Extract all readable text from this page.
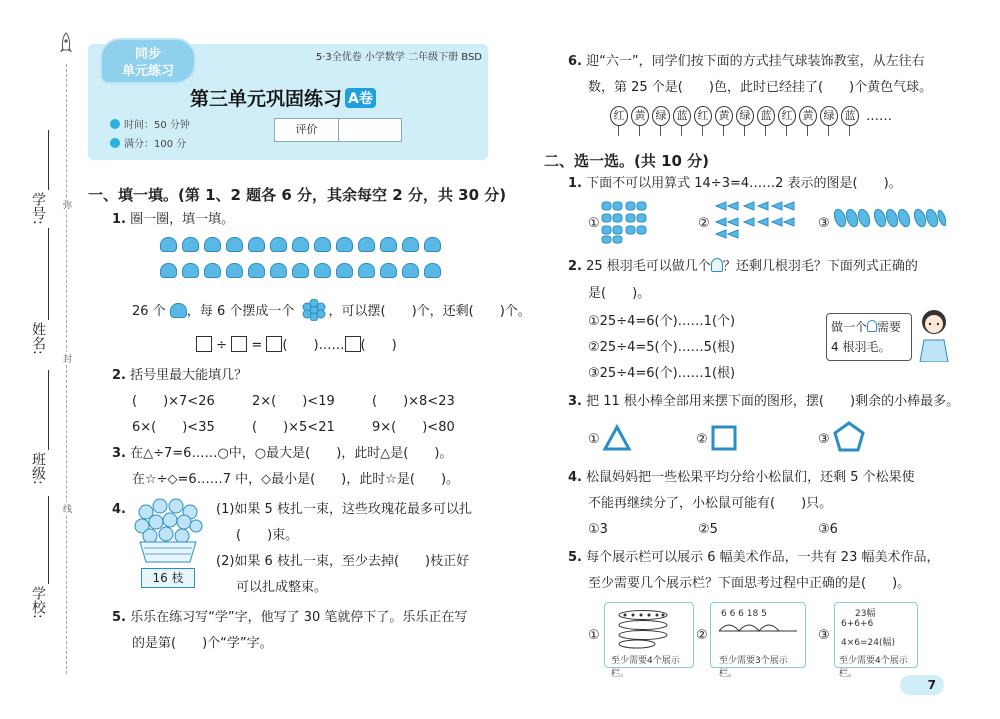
弥
封
线
学号:
姓名:
班级:
学校:
5·3全优卷 小学数学 二年级下册 BSD
同步
单元练习
第三单元巩固练习 A卷
时间：50 分钟
满分：100 分
评价
一、填一填。(第 1、2 题各 6 分，其余每空 2 分，共 30 分)
1. 圈一圈，填一填。
26 个 ，每 6 个摆成一个	，可以摆(　　)个，还剩(　　)个。
÷ = (　　)…… (　　)
2. 括号里最大能填几？
(　　)×7<26	2×(　　)<19	(　　)×8<23
6×(　　)<35	(　　)×5<21	9×(　　)<80
3. 在△÷7=6……○中，○最大是(　　)，此时△是(　　)。
在☆÷◇=6……7 中，◇最小是(　　)，此时☆是(　　)。
4.
16 枝
(1)如果 5 枝扎一束，这些玫瑰花最多可以扎
(　　)束。
(2)如果 6 枝扎一束，至少去掉(　　)枝正好
可以扎成整束。
5. 乐乐在练习写“学”字，他写了 30 笔就停下了。乐乐正在写
的是第(　　)个“学”字。
6. 迎“六一”，同学们按下面的方式挂气球装饰教室，从左往右
数，第 25 个是(　　)色，此时已经挂了(　　)个黄色气球。
红 黄 绿 蓝 红 黄 绿 蓝 红 黄 绿 蓝 ……
二、选一选。(共 10 分)
1. 下面不可以用算式 14÷3=4……2 表示的图是(　　)。
①	②	③
2. 25 根羽毛可以做几个 ？还剩几根羽毛？下面列式正确的
是(　　)。
①25÷4=6(个)……1(个)
②25÷4=5(个)……5(根)
③25÷4=6(个)……1(根)
做一个 需要
4 根羽毛。
3. 把 11 根小棒全部用来摆下面的图形，摆(　　)剩余的小棒最多。
①	②	③
4. 松鼠妈妈把一些松果平均分给小松鼠们，还剩 5 个松果使
不能再继续分了，小松鼠可能有(　　)只。
①3	②5	③6
5. 每个展示栏可以展示 6 幅美术作品，一共有 23 幅美术作品，
至少需要几个展示栏？下面思考过程中正确的是(　　)。
①
至少需要4个展示栏。
②
6 6 6 18 5
至少需要3个展示栏。
③
23幅
6+6+6
4×6=24(幅)
至少需要4个展示栏。
7
